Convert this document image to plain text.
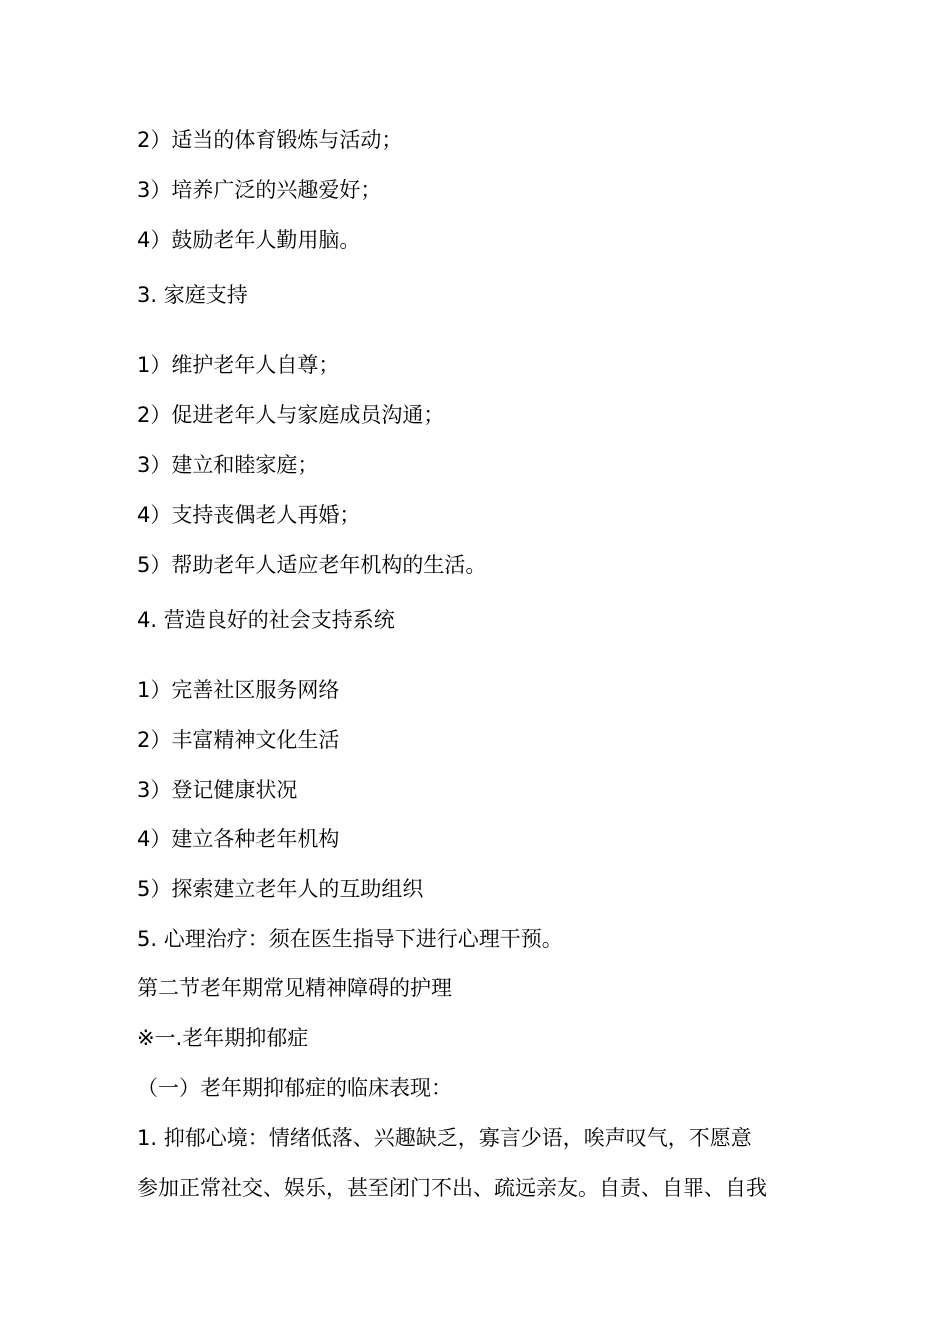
2）适当的体育锻炼与活动；
3）培养广泛的兴趣爱好；
4）鼓励老年人勤用脑。
3. 家庭支持
1）维护老年人自尊；
2）促进老年人与家庭成员沟通；
3）建立和睦家庭；
4）支持丧偶老人再婚；
5）帮助老年人适应老年机构的生活。
4. 营造良好的社会支持系统
1）完善社区服务网络
2）丰富精神文化生活
3）登记健康状况
4）建立各种老年机构
5）探索建立老年人的互助组织
5. 心理治疗：须在医生指导下进行心理干预。
第二节老年期常见精神障碍的护理
※一.老年期抑郁症
（一）老年期抑郁症的临床表现：
1. 抑郁心境：情绪低落、兴趣缺乏，寡言少语，唉声叹气，不愿意
参加正常社交、娱乐，甚至闭门不出、疏远亲友。自责、自罪、自我
